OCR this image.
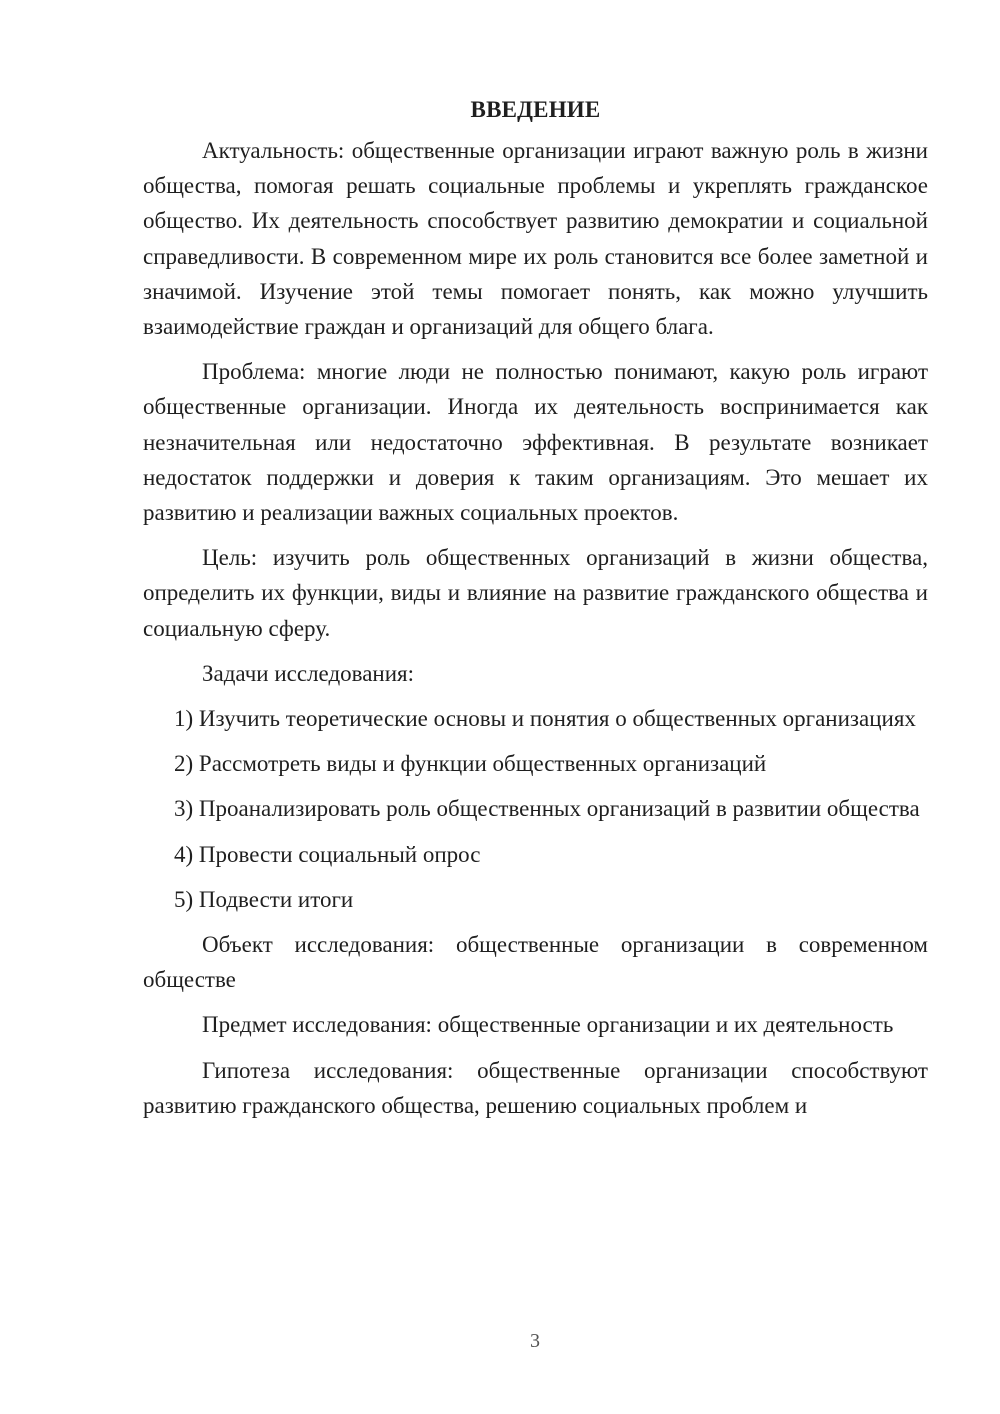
ВВЕДЕНИЕ

Актуальность: общественные организации играют важную роль в жизни общества, помогая решать социальные проблемы и укреплять гражданское общество. Их деятельность способствует развитию демократии и социальной справедливости. В современном мире их роль становится все более заметной и значимой. Изучение этой темы помогает понять, как можно улучшить взаимодействие граждан и организаций для общего блага.

Проблема: многие люди не полностью понимают, какую роль играют общественные организации. Иногда их деятельность воспринимается как незначительная или недостаточно эффективная. В результате возникает недостаток поддержки и доверия к таким организациям. Это мешает их развитию и реализации важных социальных проектов.

Цель: изучить роль общественных организаций в жизни общества, определить их функции, виды и влияние на развитие гражданского общества и социальную сферу.

Задачи исследования:

1) Изучить теоретические основы и понятия о общественных организациях

2) Рассмотреть виды и функции общественных организаций

3) Проанализировать роль общественных организаций в развитии общества

4) Провести социальный опрос

5) Подвести итоги

Объект исследования: общественные организации в современном обществе

Предмет исследования: общественные организации и их деятельность

Гипотеза исследования: общественные организации способствуют развитию гражданского общества, решению социальных проблем и

3
